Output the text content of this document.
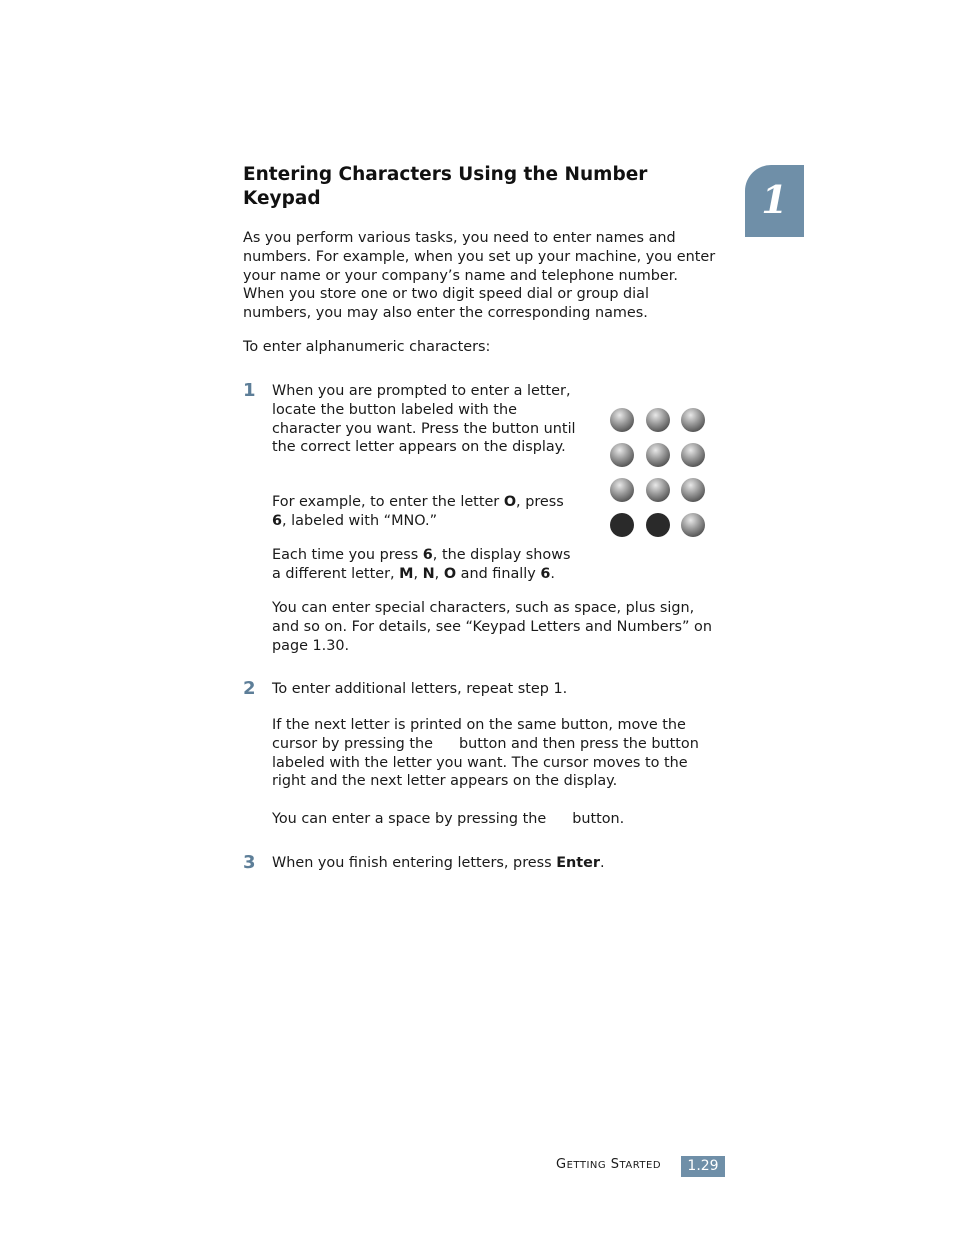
Entering Characters Using the Number Keypad	1

As you perform various tasks, you need to enter names and numbers. For example, when you set up your machine, you enter your name or your company’s name and telephone number. When you store one or two digit speed dial or group dial numbers, you may also enter the corresponding names.

To enter alphanumeric characters:

1 When you are prompted to enter a letter, locate the button labeled with the character you want. Press the button until the correct letter appears on the display.

For example, to enter the letter O, press 6, labeled with “MNO.”

Each time you press 6, the display shows a different letter, M, N, O and finally 6.

You can enter special characters, such as space, plus sign, and so on. For details, see “Keypad Letters and Numbers” on page 1.30.

2 To enter additional letters, repeat step 1.

If the next letter is printed on the same button, move the cursor by pressing the button and then press the button labeled with the letter you want. The cursor moves to the right and the next letter appears on the display.

You can enter a space by pressing the button.

3 When you finish entering letters, press Enter.

GETTING STARTED	1.29
